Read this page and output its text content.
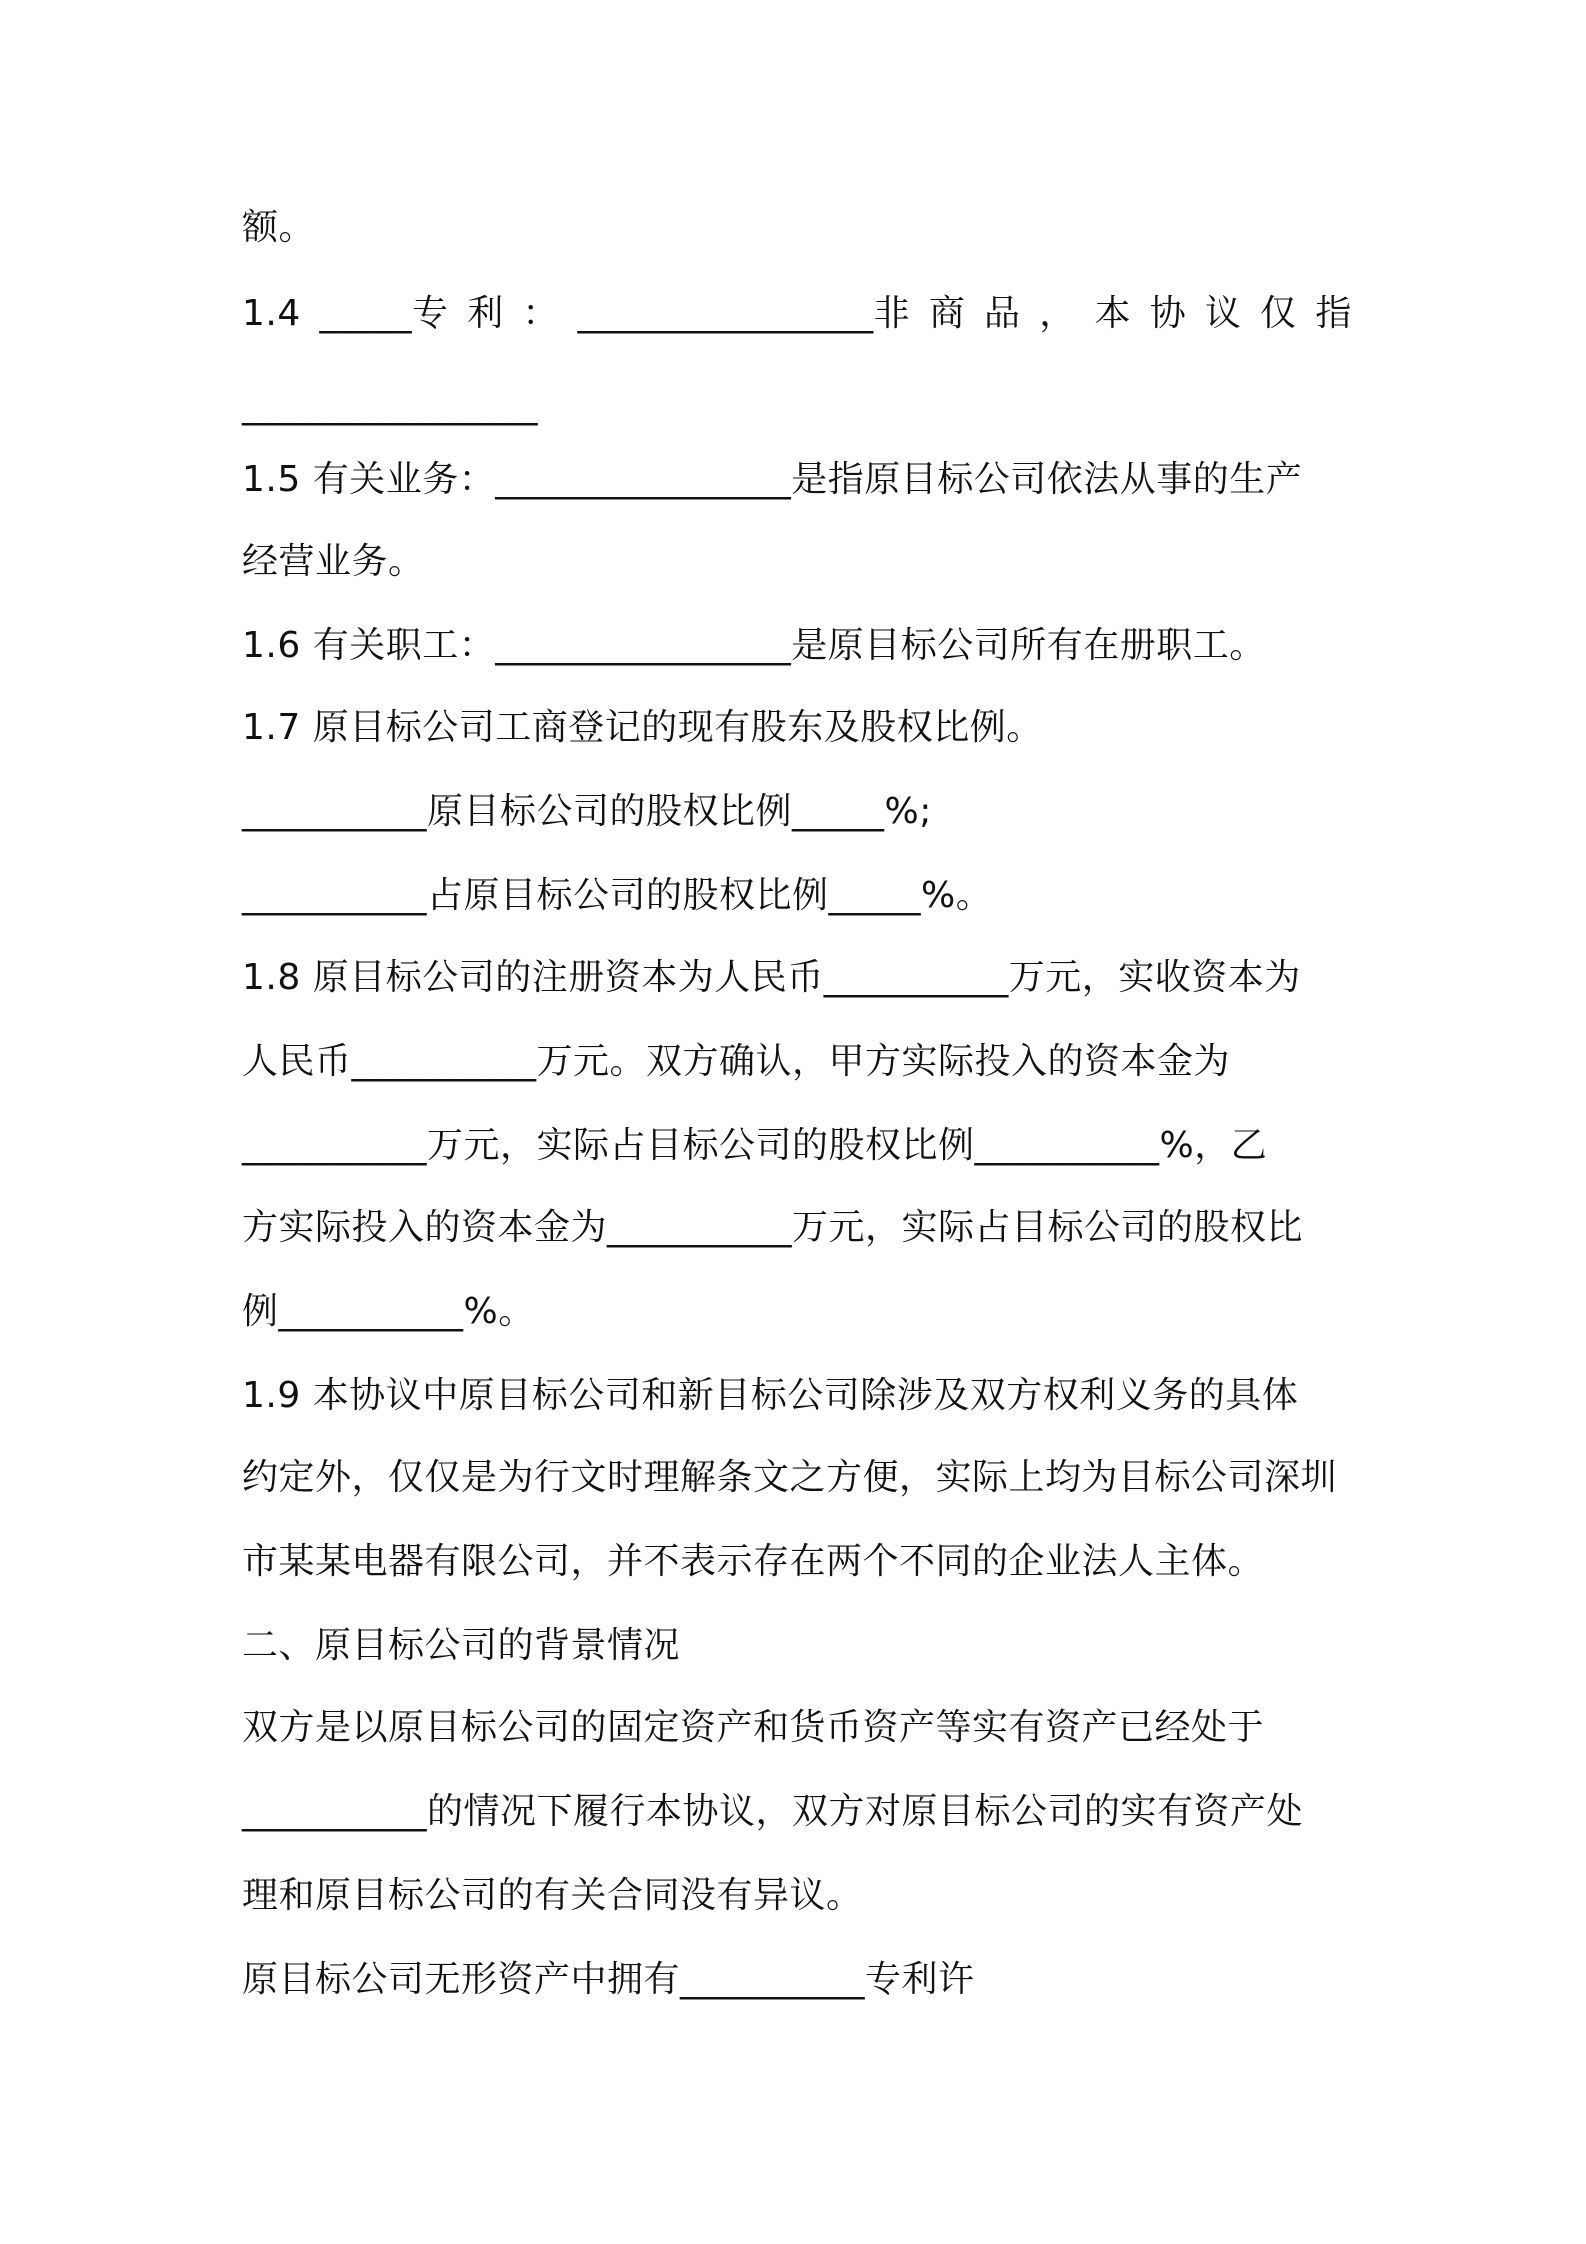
额。
1.4 _____专 利 ： ________________非 商 品 ， 本 协 议 仅 指
________________
1.5 有关业务：________________是指原目标公司依法从事的生产
经营业务。
1.6 有关职工：________________是原目标公司所有在册职工。
1.7 原目标公司工商登记的现有股东及股权比例。
__________原目标公司的股权比例_____%;
__________占原目标公司的股权比例_____%。
1.8 原目标公司的注册资本为人民币__________万元，实收资本为
人民币__________万元。双方确认，甲方实际投入的资本金为
__________万元，实际占目标公司的股权比例__________%，乙
方实际投入的资本金为__________万元，实际占目标公司的股权比
例__________%。
1.9 本协议中原目标公司和新目标公司除涉及双方权利义务的具体
约定外，仅仅是为行文时理解条文之方便，实际上均为目标公司深圳
市某某电器有限公司，并不表示存在两个不同的企业法人主体。
二、原目标公司的背景情况
双方是以原目标公司的固定资产和货币资产等实有资产已经处于
__________的情况下履行本协议，双方对原目标公司的实有资产处
理和原目标公司的有关合同没有异议。
原目标公司无形资产中拥有__________专利许
